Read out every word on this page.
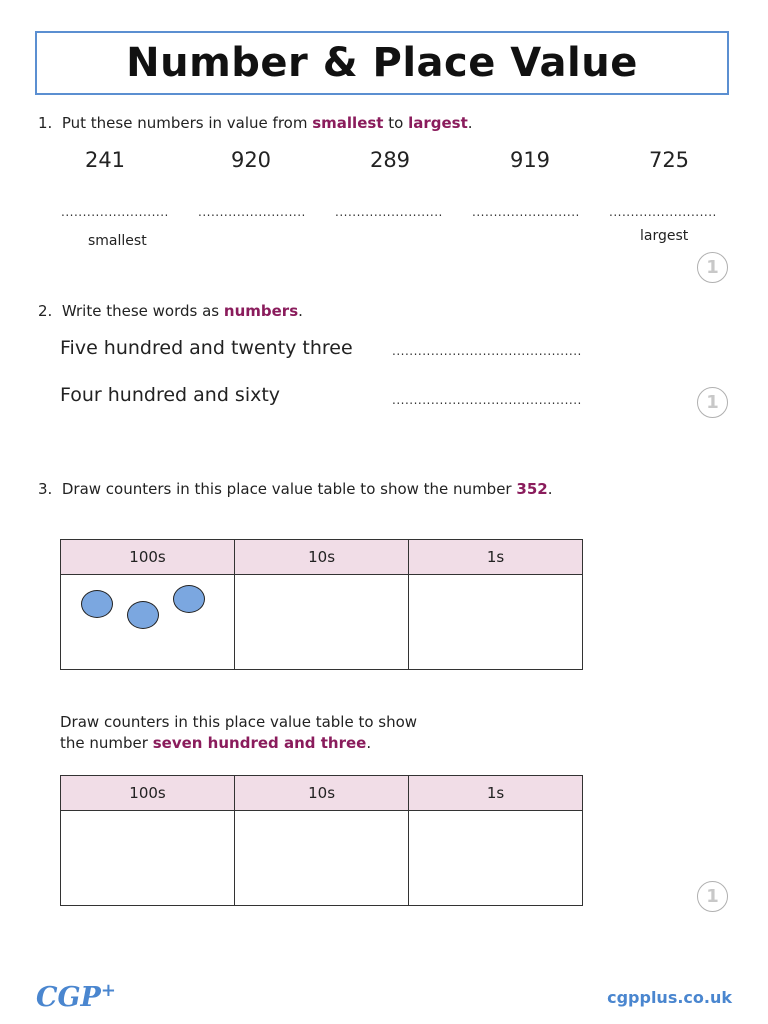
Number & Place Value
1. Put these numbers in value from smallest to largest.
241	920	289	919	725
......................... ......................... ......................... ......................... .........................
smallest	largest
1
2. Write these words as numbers.
Five hundred and twenty three	............................................
Four hundred and sixty	............................................	1
3. Draw counters in this place value table to show the number 352.
100s	10s	1s

Draw counters in this place value table to show
the number seven hundred and three.
100s	10s	1s

1
CGP+	cgpplus.co.uk
